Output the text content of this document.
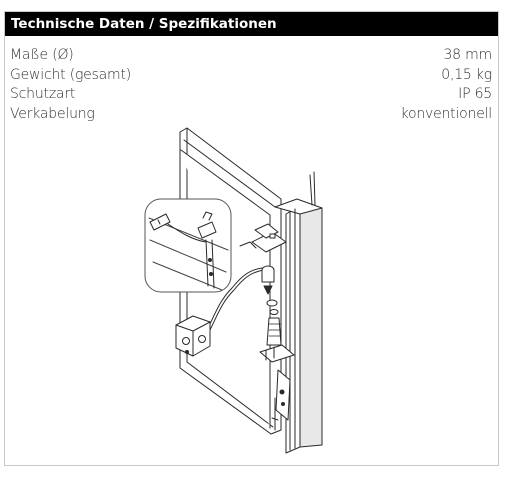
Technische Daten / Spezifikationen
Maße (Ø)	38 mm
Gewicht (gesamt)	0,15 kg
Schutzart	IP 65
Verkabelung	konventionell
